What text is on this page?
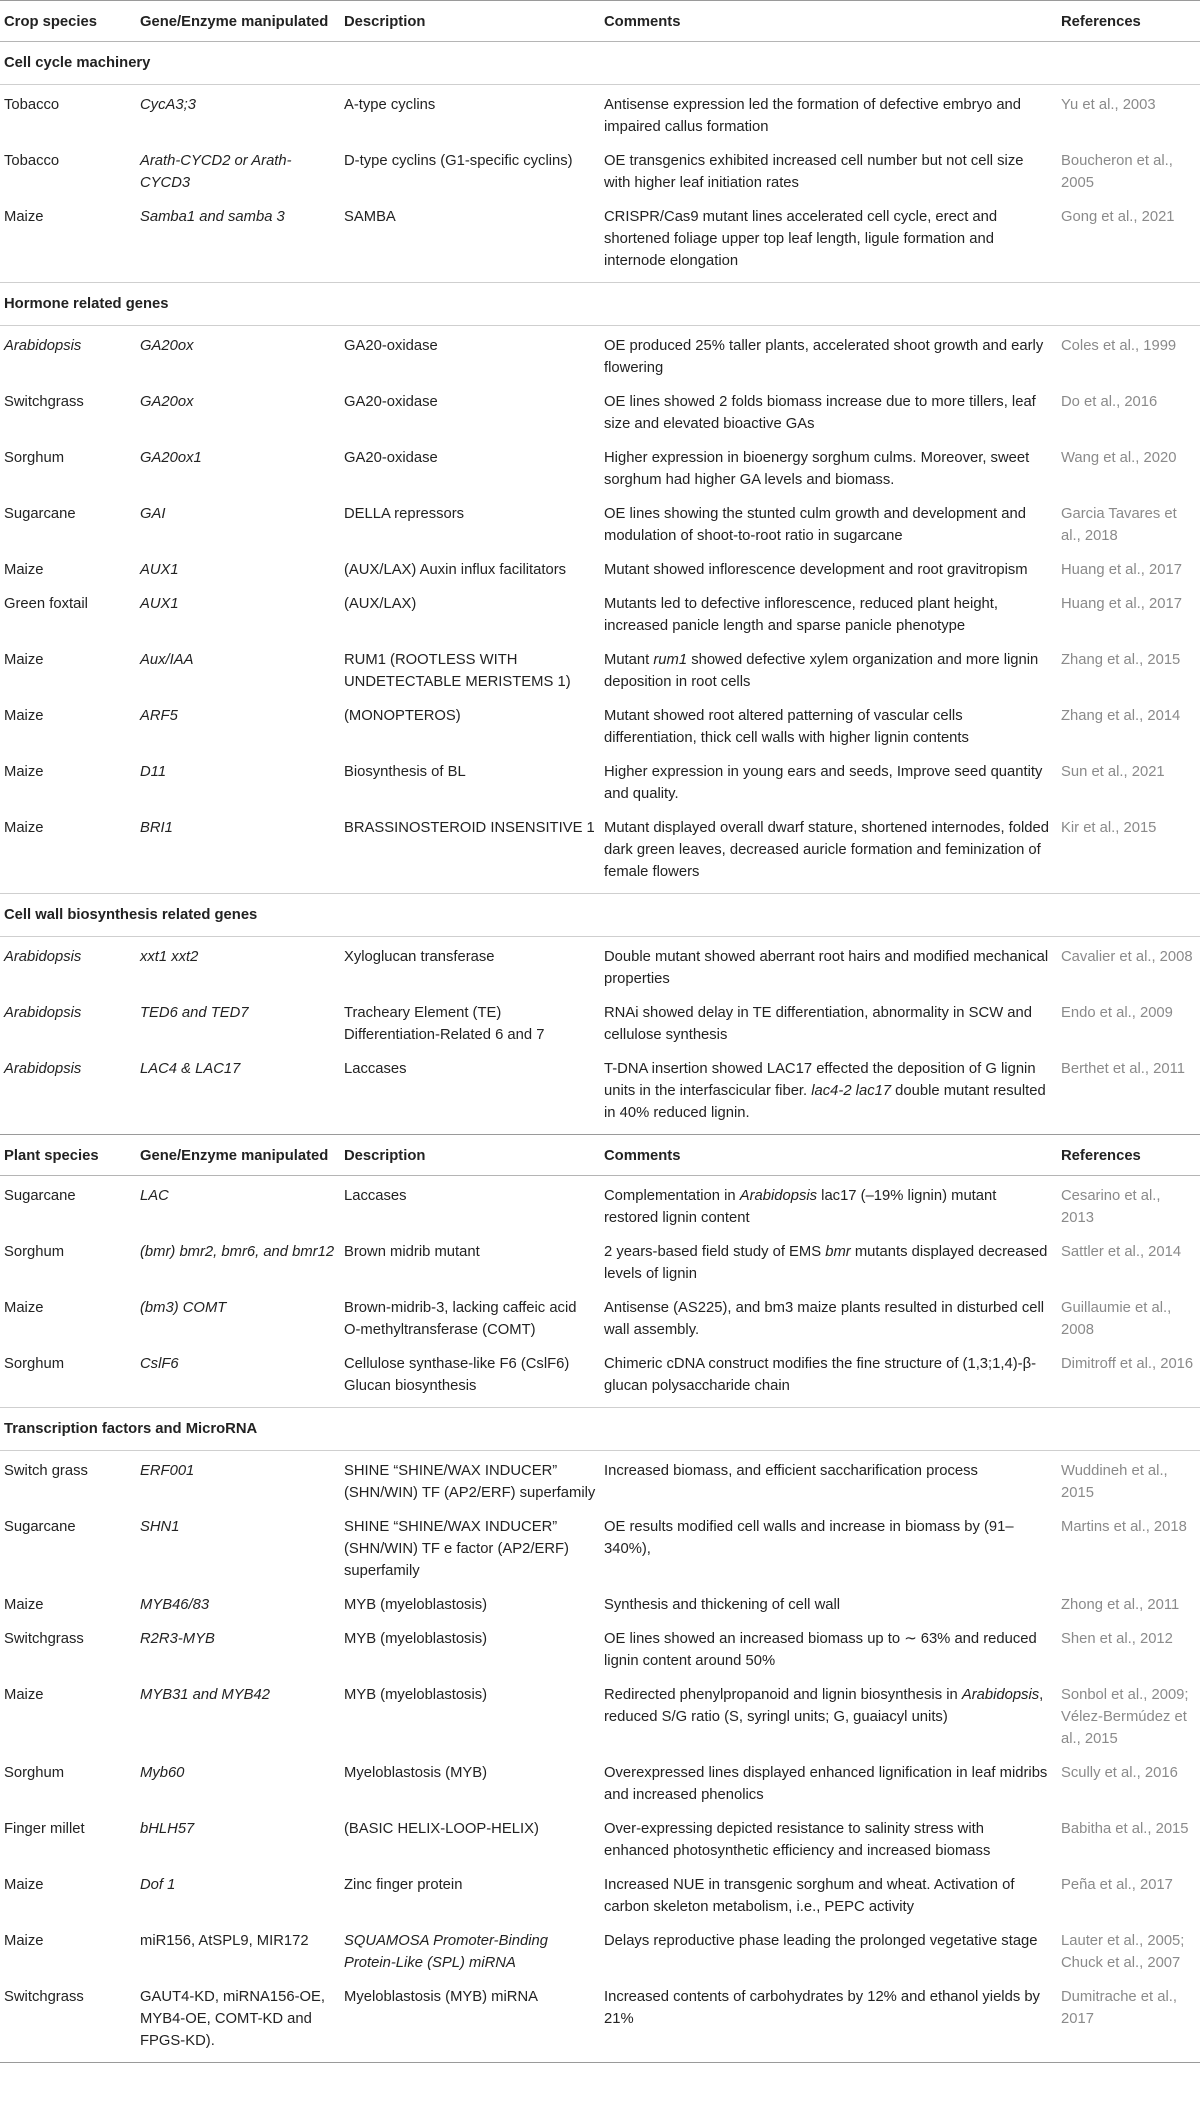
Crop species	Gene/Enzyme manipulated	Description	Comments	References
Cell cycle machinery				
Tobacco	CycA3;3	A-type cyclins	Antisense expression led the formation of defective embryo and impaired callus formation	Yu et al., 2003
Tobacco	Arath-CYCD2 or Arath-CYCD3	D-type cyclins (G1-specific cyclins)	OE transgenics exhibited increased cell number but not cell size with higher leaf initiation rates	Boucheron et al., 2005
Maize	Samba1 and samba 3	SAMBA	CRISPR/Cas9 mutant lines accelerated cell cycle, erect and shortened foliage upper top leaf length, ligule formation and internode elongation	Gong et al., 2021
Hormone related genes				
Arabidopsis	GA20ox	GA20-oxidase	OE produced 25% taller plants, accelerated shoot growth and early flowering	Coles et al., 1999
Switchgrass	GA20ox	GA20-oxidase	OE lines showed 2 folds biomass increase due to more tillers, leaf size and elevated bioactive GAs	Do et al., 2016
Sorghum	GA20ox1	GA20-oxidase	Higher expression in bioenergy sorghum culms. Moreover, sweet sorghum had higher GA levels and biomass.	Wang et al., 2020
Sugarcane	GAI	DELLA repressors	OE lines showing the stunted culm growth and development and modulation of shoot-to-root ratio in sugarcane	Garcia Tavares et al., 2018
Maize	AUX1	(AUX/LAX) Auxin influx facilitators	Mutant showed inflorescence development and root gravitropism	Huang et al., 2017
Green foxtail	AUX1	(AUX/LAX)	Mutants led to defective inflorescence, reduced plant height, increased panicle length and sparse panicle phenotype	Huang et al., 2017
Maize	Aux/IAA	RUM1 (ROOTLESS WITH UNDETECTABLE MERISTEMS 1)	Mutant rum1 showed defective xylem organization and more lignin deposition in root cells	Zhang et al., 2015
Maize	ARF5	(MONOPTEROS)	Mutant showed root altered patterning of vascular cells differentiation, thick cell walls with higher lignin contents	Zhang et al., 2014
Maize	D11	Biosynthesis of BL	Higher expression in young ears and seeds, Improve seed quantity and quality.	Sun et al., 2021
Maize	BRI1	BRASSINOSTEROID INSENSITIVE 1	Mutant displayed overall dwarf stature, shortened internodes, folded dark green leaves, decreased auricle formation and feminization of female flowers	Kir et al., 2015
Cell wall biosynthesis related genes				
Arabidopsis	xxt1 xxt2	Xyloglucan transferase	Double mutant showed aberrant root hairs and modified mechanical properties	Cavalier et al., 2008
Arabidopsis	TED6 and TED7	Tracheary Element (TE) Differentiation-Related 6 and 7	RNAi showed delay in TE differentiation, abnormality in SCW and cellulose synthesis	Endo et al., 2009
Arabidopsis	LAC4 & LAC17	Laccases	T-DNA insertion showed LAC17 effected the deposition of G lignin units in the interfascicular fiber. lac4-2 lac17 double mutant resulted in 40% reduced lignin.	Berthet et al., 2011
Plant species	Gene/Enzyme manipulated	Description	Comments	References
Sugarcane	LAC	Laccases	Complementation in Arabidopsis lac17 (–19% lignin) mutant restored lignin content	Cesarino et al., 2013
Sorghum	(bmr) bmr2, bmr6, and bmr12	Brown midrib mutant	2 years-based field study of EMS bmr mutants displayed decreased levels of lignin	Sattler et al., 2014
Maize	(bm3) COMT	Brown-midrib-3, lacking caffeic acid O-methyltransferase (COMT)	Antisense (AS225), and bm3 maize plants resulted in disturbed cell wall assembly.	Guillaumie et al., 2008
Sorghum	CslF6	Cellulose synthase-like F6 (CslF6) Glucan biosynthesis	Chimeric cDNA construct modifies the fine structure of (1,3;1,4)-β-glucan polysaccharide chain	Dimitroff et al., 2016
Transcription factors and MicroRNA				
Switch grass	ERF001	SHINE “SHINE/WAX INDUCER” (SHN/WIN) TF (AP2/ERF) superfamily	Increased biomass, and efficient saccharification process	Wuddineh et al., 2015
Sugarcane	SHN1	SHINE “SHINE/WAX INDUCER” (SHN/WIN) TF e factor (AP2/ERF) superfamily	OE results modified cell walls and increase in biomass by (91–340%),	Martins et al., 2018
Maize	MYB46/83	MYB (myeloblastosis)	Synthesis and thickening of cell wall	Zhong et al., 2011
Switchgrass	R2R3-MYB	MYB (myeloblastosis)	OE lines showed an increased biomass up to ∼ 63% and reduced lignin content around 50%	Shen et al., 2012
Maize	MYB31 and MYB42	MYB (myeloblastosis)	Redirected phenylpropanoid and lignin biosynthesis in Arabidopsis, reduced S/G ratio (S, syringl units; G, guaiacyl units)	Sonbol et al., 2009; Vélez-Bermúdez et al., 2015
Sorghum	Myb60	Myeloblastosis (MYB)	Overexpressed lines displayed enhanced lignification in leaf midribs and increased phenolics	Scully et al., 2016
Finger millet	bHLH57	(BASIC HELIX-LOOP-HELIX)	Over-expressing depicted resistance to salinity stress with enhanced photosynthetic efficiency and increased biomass	Babitha et al., 2015
Maize	Dof 1	Zinc finger protein	Increased NUE in transgenic sorghum and wheat. Activation of carbon skeleton metabolism, i.e., PEPC activity	Peña et al., 2017
Maize	miR156, AtSPL9, MIR172	SQUAMOSA Promoter-Binding Protein-Like (SPL) miRNA	Delays reproductive phase leading the prolonged vegetative stage	Lauter et al., 2005; Chuck et al., 2007
Switchgrass	GAUT4-KD, miRNA156-OE, MYB4-OE, COMT-KD and FPGS-KD).	Myeloblastosis (MYB) miRNA	Increased contents of carbohydrates by 12% and ethanol yields by 21%	Dumitrache et al., 2017
